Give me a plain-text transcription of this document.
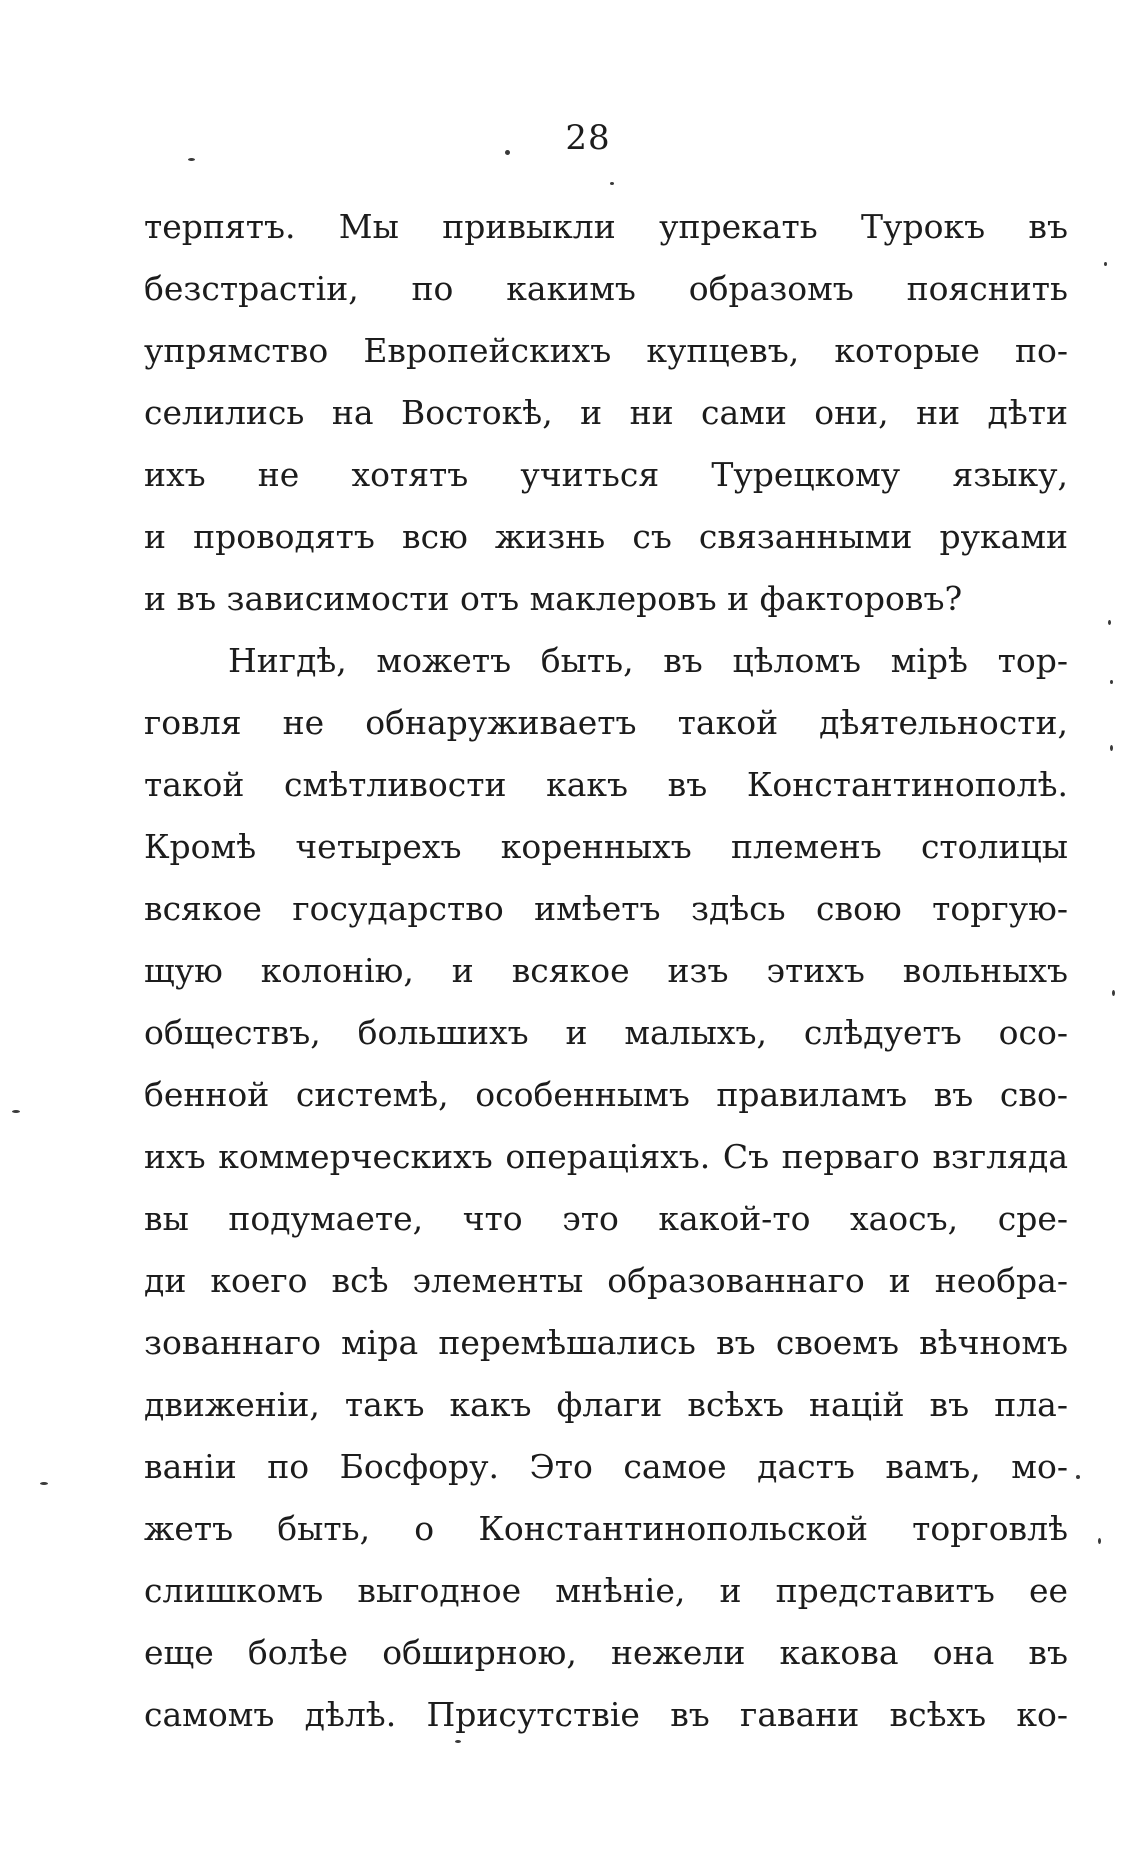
28
терпятъ. Мы привыкли упрекать Турокъ въ
безстрастіи, по какимъ образомъ пояснить
упрямство Европейскихъ купцевъ, которые по-
селились на Востокѣ, и ни сами они, ни дѣти
ихъ не хотятъ учиться Турецкому языку,
и проводятъ всю жизнь съ связанными руками
и въ зависимости отъ маклеровъ и факторовъ?
Нигдѣ, можетъ быть, въ цѣломъ мірѣ тор-
говля не обнаруживаетъ такой дѣятельности,
такой смѣтливости какъ въ Константинополѣ.
Кромѣ четырехъ коренныхъ племенъ столицы
всякое государство имѣетъ здѣсь свою торгую-
щую колонію, и всякое изъ этихъ вольныхъ
обществъ, большихъ и малыхъ, слѣдуетъ осо-
бенной системѣ, особеннымъ правиламъ въ сво-
ихъ коммерческихъ операціяхъ. Съ перваго взгляда
вы подумаете, что это какой-то хаосъ, сре-
ди коего всѣ элементы образованнаго и необра-
зованнаго міра перемѣшались въ своемъ вѣчномъ
движеніи, такъ какъ флаги всѣхъ націй въ пла-
ваніи по Босфору. Это самое дастъ вамъ, мо-
жетъ быть, о Константинопольской торговлѣ
слишкомъ выгодное мнѣніе, и представитъ ее
еще болѣе обширною, нежели какова она въ
самомъ дѣлѣ. Присутствіе въ гавани всѣхъ ко-
